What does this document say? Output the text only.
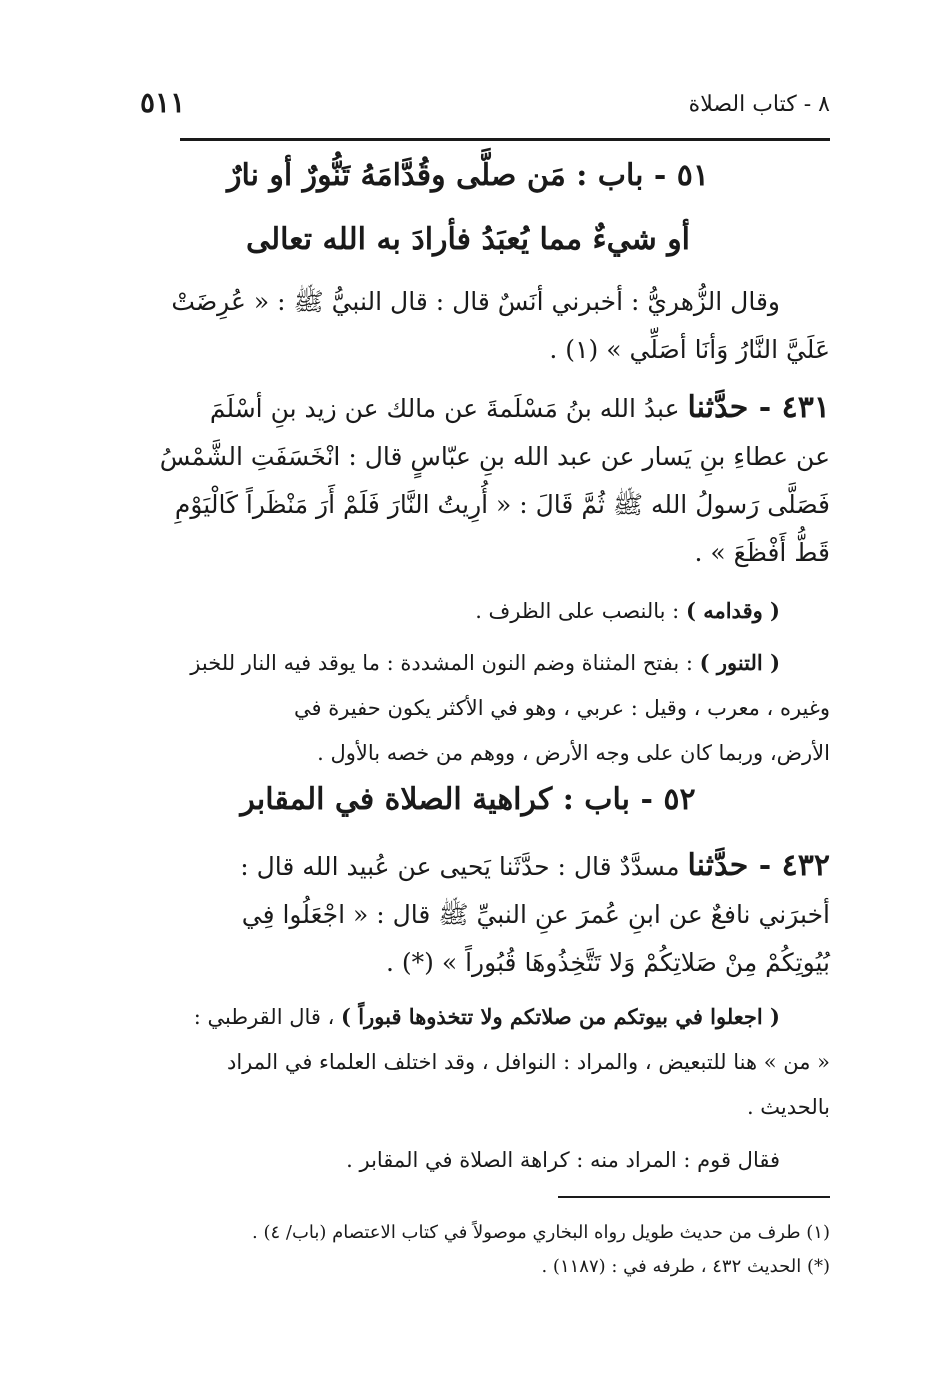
٨ - كتاب الصلاة
٥١١
٥١ - باب : مَن صلَّى وقُدَّامَهُ تَنُّورٌ أو نارٌ
أو شيءٌ مما يُعبَدُ فأرادَ به الله تعالى
وقال الزُّهريُّ : أخبرني أنَسٌ قال : قال النبيُّ ﷺ : « عُرِضَتْ
عَلَيَّ النَّارُ وَأنَا أصَلِّي » (١) .
٤٣١ - حدَّثنا عبدُ الله بنُ مَسْلَمةَ عن مالك عن زيد بنِ أسْلَمَ
عن عطاءِ بنِ يَسار عن عبد الله بنِ عبّاسٍ قال : انْخَسَفَتِ الشَّمْسُ
فَصَلَّى رَسولُ الله ﷺ ثُمَّ قَالَ : « أُرِيتُ النَّارَ فَلَمْ أَرَ مَنْظَراً كَالْيَوْمِ
قَطُّ أَفْظَعَ » .
( وقدامه ) : بالنصب على الظرف .
( التنور ) : بفتح المثناة وضم النون المشددة : ما يوقد فيه النار للخبز
وغيره ، معرب ، وقيل : عربي ، وهو في الأكثر يكون حفيرة في
الأرض، وربما كان على وجه الأرض ، ووهم من خصه بالأول .
٥٢ - باب : كراهية الصلاة في المقابر
٤٣٢ - حدَّثنا مسدَّدٌ قال : حدَّثَنا يَحيى عن عُبيد الله قال :
أخبرَني نافعٌ عن ابنِ عُمرَ عنِ النبيِّ ﷺ قال : « اجْعَلُوا فِي
بُيُوتِكُمْ مِنْ صَلاتِكُمْ وَلا تَتَّخِذُوهَا قُبُوراً » (*) .
( اجعلوا في بيوتكم من صلاتكم ولا تتخذوها قبوراً ) ، قال القرطبي :
« من » هنا للتبعيض ، والمراد : النوافل ، وقد اختلف العلماء في المراد
بالحديث .
فقال قوم : المراد منه : كراهة الصلاة في المقابر .
(١) طرف من حديث طويل رواه البخاري موصولاً في كتاب الاعتصام (باب/ ٤) .
(*) الحديث ٤٣٢ ، طرفه في : (١١٨٧) .
